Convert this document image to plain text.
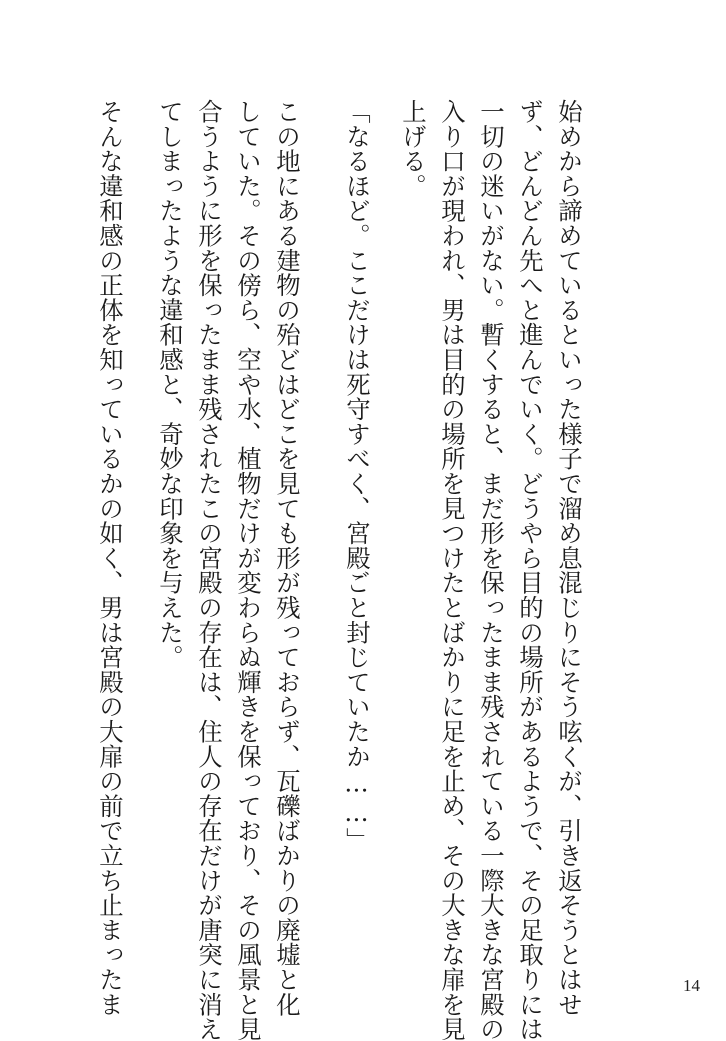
始めから諦めているといった様子で溜め息混じりにそう呟くが、引き返そうとはせ
ず、どんどん先へと進んでいく。どうやら目的の場所があるようで、その足取りには
一切の迷いがない。暫くすると、まだ形を保ったまま残されている一際大きな宮殿の
入り口が現われ、男は目的の場所を見つけたとばかりに足を止め、その大きな扉を見
上げる。
「なるほど。ここだけは死守すべく、宮殿ごと封じていたか……」
この地にある建物の殆どはどこを見ても形が残っておらず、瓦礫ばかりの廃墟と化
していた。その傍ら、空や水、植物だけが変わらぬ輝きを保っており、その風景と見
合うように形を保ったまま残されたこの宮殿の存在は、住人の存在だけが唐突に消え
てしまったような違和感と、奇妙な印象を与えた。
そんな違和感の正体を知っているかの如く、男は宮殿の大扉の前で立ち止まったま	14
